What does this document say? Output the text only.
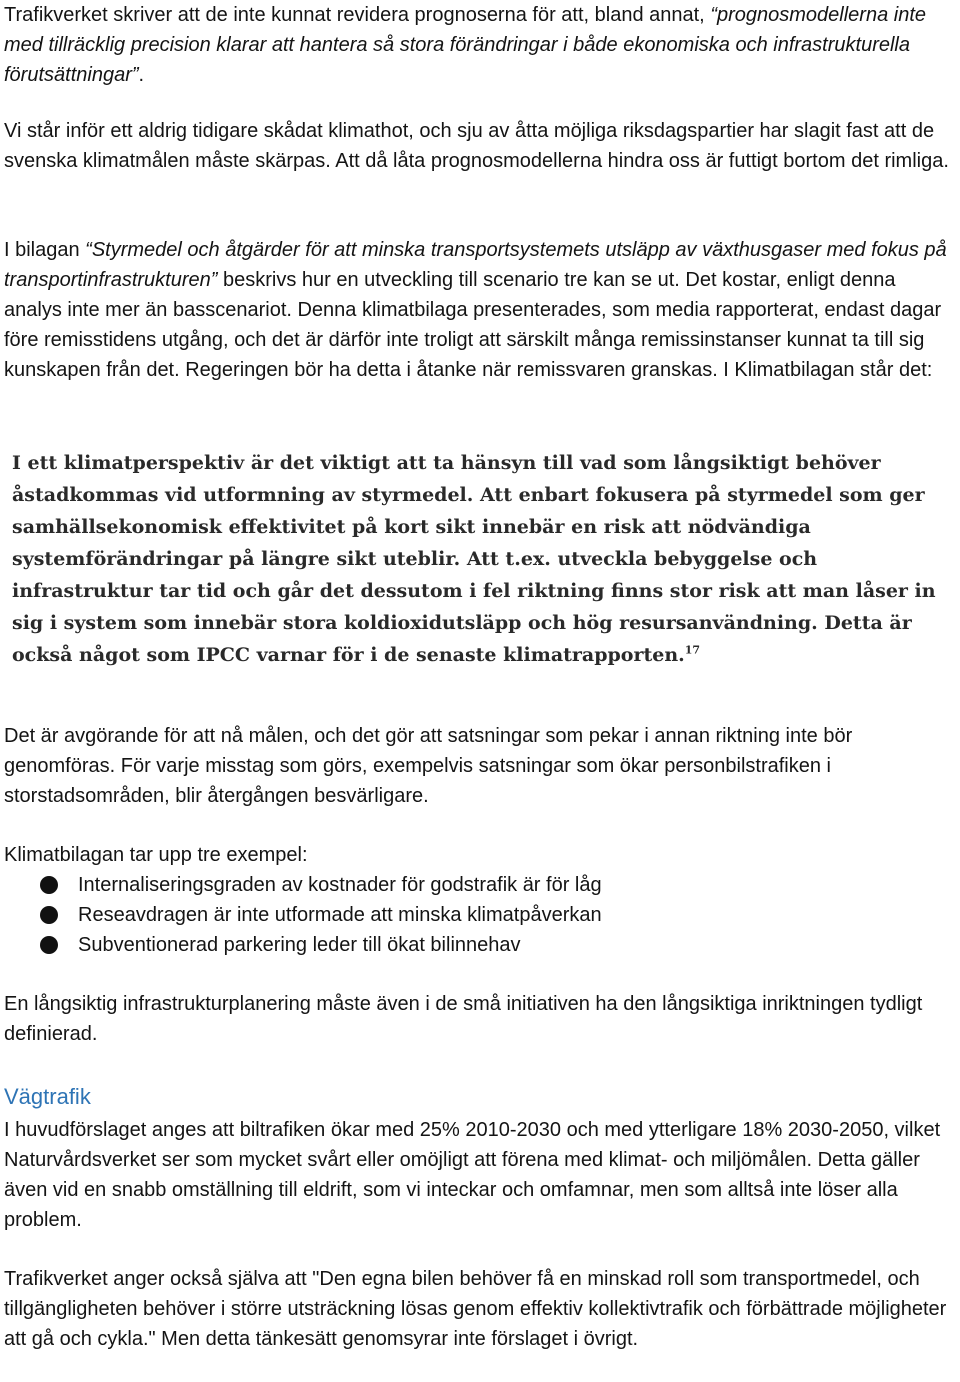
Trafikverket skriver att de inte kunnat revidera prognoserna för att, bland annat, “prognosmodellerna inte med tillräcklig precision klarar att hantera så stora förändringar i både ekonomiska och infrastrukturella förutsättningar”.

Vi står inför ett aldrig tidigare skådat klimathot, och sju av åtta möjliga riksdagspartier har slagit fast att de svenska klimatmålen måste skärpas. Att då låta prognosmodellerna hindra oss är futtigt bortom det rimliga.

I bilagan “Styrmedel och åtgärder för att minska transportsystemets utsläpp av växthusgaser med fokus på transportinfrastrukturen” beskrivs hur en utveckling till scenario tre kan se ut. Det kostar, enligt denna analys inte mer än basscenariot. Denna klimatbilaga presenterades, som media rapporterat, endast dagar före remisstidens utgång, och det är därför inte troligt att särskilt många remissinstanser kunnat ta till sig kunskapen från det. Regeringen bör ha detta i åtanke när remissvaren granskas. I Klimatbilagan står det:

I ett klimatperspektiv är det viktigt att ta hänsyn till vad som långsiktigt behöver åstadkommas vid utformning av styrmedel. Att enbart fokusera på styrmedel som ger samhällsekonomisk effektivitet på kort sikt innebär en risk att nödvändiga systemförändringar på längre sikt uteblir. Att t.ex. utveckla bebyggelse och infrastruktur tar tid och går det dessutom i fel riktning finns stor risk att man låser in sig i system som innebär stora koldioxidutsläpp och hög resursanvändning. Detta är också något som IPCC varnar för i de senaste klimatrapporten.$^{17}$

Det är avgörande för att nå målen, och det gör att satsningar som pekar i annan riktning inte bör genomföras. För varje misstag som görs, exempelvis satsningar som ökar personbilstrafiken i storstadsområden, blir återgången besvärligare.

Klimatbilagan tar upp tre exempel:

Internaliseringsgraden av kostnader för godstrafik är för låg
Reseavdragen är inte utformade att minska klimatpåverkan
Subventionerad parkering leder till ökat bilinnehav

En långsiktig infrastrukturplanering måste även i de små initiativen ha den långsiktiga inriktningen tydligt definierad.

Vägtrafik

I huvudförslaget anges att biltrafiken ökar med 25% 2010-2030 och med ytterligare 18% 2030-2050, vilket Naturvårdsverket ser som mycket svårt eller omöjligt att förena med klimat- och miljömålen. Detta gäller även vid en snabb omställning till eldrift, som vi inteckar och omfamnar, men som alltså inte löser alla problem.

Trafikverket anger också själva att "Den egna bilen behöver få en minskad roll som transportmedel, och tillgängligheten behöver i större utsträckning lösas genom effektiv kollektivtrafik och förbättrade möjligheter att gå och cykla." Men detta tänkesätt genomsyrar inte förslaget i övrigt.
